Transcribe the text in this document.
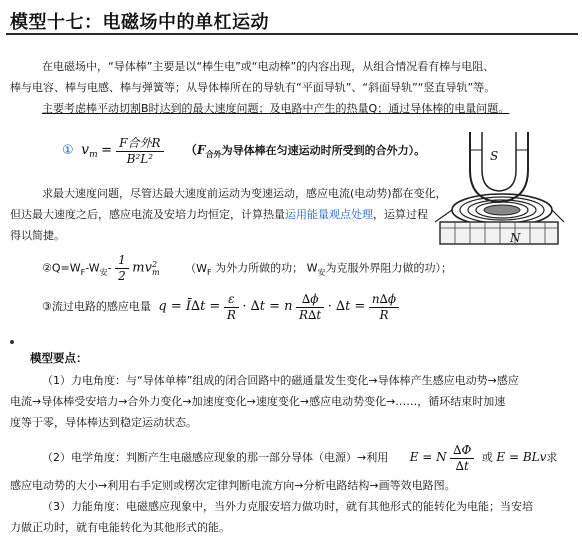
模型十七：电磁场中的单杠运动
在电磁场中，“导体棒”主要是以“棒生电”或“电动棒”的内容出现，从组合情况看有棒与电阻、
棒与电容、棒与电感、棒与弹簧等；从导体棒所在的导轨有“平面导轨”、“斜面导轨”“竖直导轨”等。
主要考虑棒平动切割B时达到的最大速度问题；及电路中产生的热量Q；通过导体棒的电量问题。
① $v_m = \frac{\text{F合外R}}{\text{B²L²}} (F_{合外}$为导体棒在匀速运动时所受到的合外力）。
求最大速度问题，尽管达最大速度前运动为变速运动，感应电流(电动势)都在变化，
但达最大速度之后，感应电流及安培力均恒定，计算热量运用能量观点处理，运算过程
得以简捷。
$②Q=W_F-W_安- \frac{1}{2} mv^2_m$ （$W_F$ 为外力所做的功； $W_安$为克服外界阻力做的功）；
③流过电路的感应电量 q = Ī∆t = $\frac{\varepsilon}{R} \cdot \Delta t = n \frac{\Delta\phi}{R\Delta t} \cdot \Delta t = \frac{n\Delta\phi}{R}$
模型要点：
（1）力电角度：与“导体单棒”组成的闭合回路中的磁通量发生变化→导体棒产生感应电动势→感应
电流→导体棒受安培力→合外力变化→加速度变化→速度变化→感应电动势变化→……，循环结束时加速
度等于零，导体棒达到稳定运动状态。
（2）电学角度：判断产生电磁感应现象的那一部分导体（电源）→利用 E = N $\frac{\Delta\Phi}{\Delta t}$ 或 E = BLv求
感应电动势的大小→利用右手定则或楞次定律判断电流方向→分析电路结构→画等效电路图。
（3）力能角度：电磁感应现象中，当外力克服安培力做功时，就有其他形式的能转化为电能；当安培
力做正功时，就有电能转化为其他形式的能。
S
N
